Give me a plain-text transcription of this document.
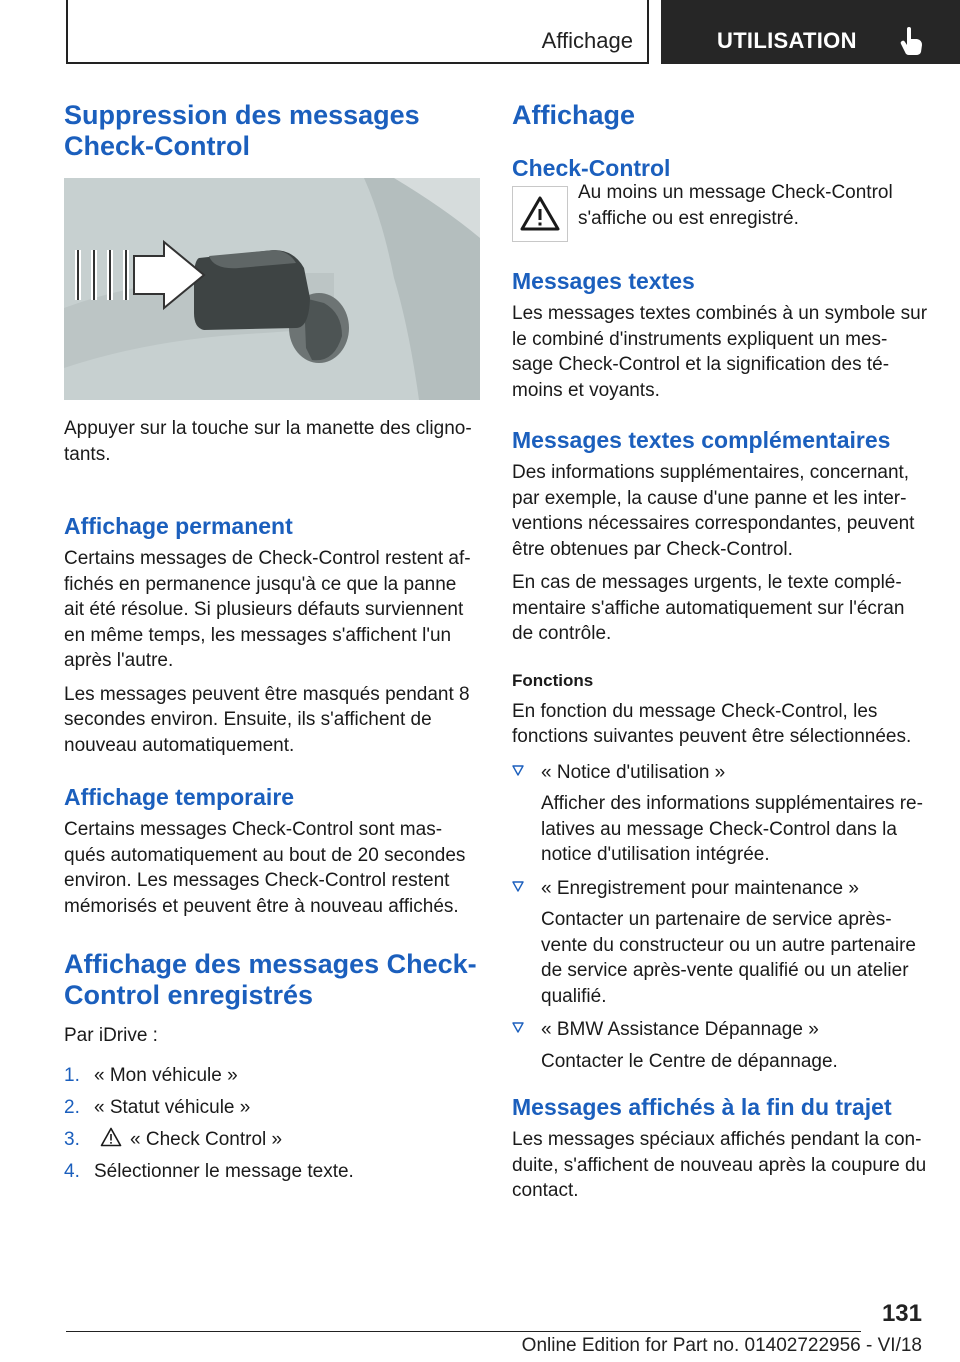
Affichage	UTILISATION
Suppression des messages Check-Control

Appuyer sur la touche sur la manette des cligno-tants.

Affichage permanent

Certains messages de Check-Control restent af-fichés en permanence jusqu'à ce que la panne ait été résolue. Si plusieurs défauts surviennent en même temps, les messages s'affichent l'un après l'autre.

Les messages peuvent être masqués pendant 8 secondes environ. Ensuite, ils s'affichent de nouveau automatiquement.

Affichage temporaire

Certains messages Check-Control sont mas-qués automatiquement au bout de 20 secondes environ. Les messages Check-Control restent mémorisés et peuvent être à nouveau affichés.

Affichage des messages Check-Control enregistrés

Par iDrive :

1. « Mon véhicule »
2. « Statut véhicule »
3.	« Check Control »
4. Sélectionner le message texte.
Affichage
Check-Control

Au moins un message Check-Control s'affiche ou est enregistré.

Messages textes

Les messages textes combinés à un symbole sur le combiné d'instruments expliquent un mes-sage Check-Control et la signification des té-moins et voyants.

Messages textes complémentaires

Des informations supplémentaires, concernant, par exemple, la cause d'une panne et les inter-ventions nécessaires correspondantes, peuvent être obtenues par Check-Control.

En cas de messages urgents, le texte complé-mentaire s'affiche automatiquement sur l'écran de contrôle.

Fonctions

En fonction du message Check-Control, les fonctions suivantes peuvent être sélectionnées.

« Notice d'utilisation »

Afficher des informations supplémentaires re-latives au message Check-Control dans la notice d'utilisation intégrée.

« Enregistrement pour maintenance »

Contacter un partenaire de service après-vente du constructeur ou un autre partenaire de service après-vente qualifié ou un atelier qualifié.

« BMW Assistance Dépannage »

Contacter le Centre de dépannage.

Messages affichés à la fin du trajet

Les messages spéciaux affichés pendant la con-duite, s'affichent de nouveau après la coupure du contact.

131
Online Edition for Part no. 01402722956 - VI/18
